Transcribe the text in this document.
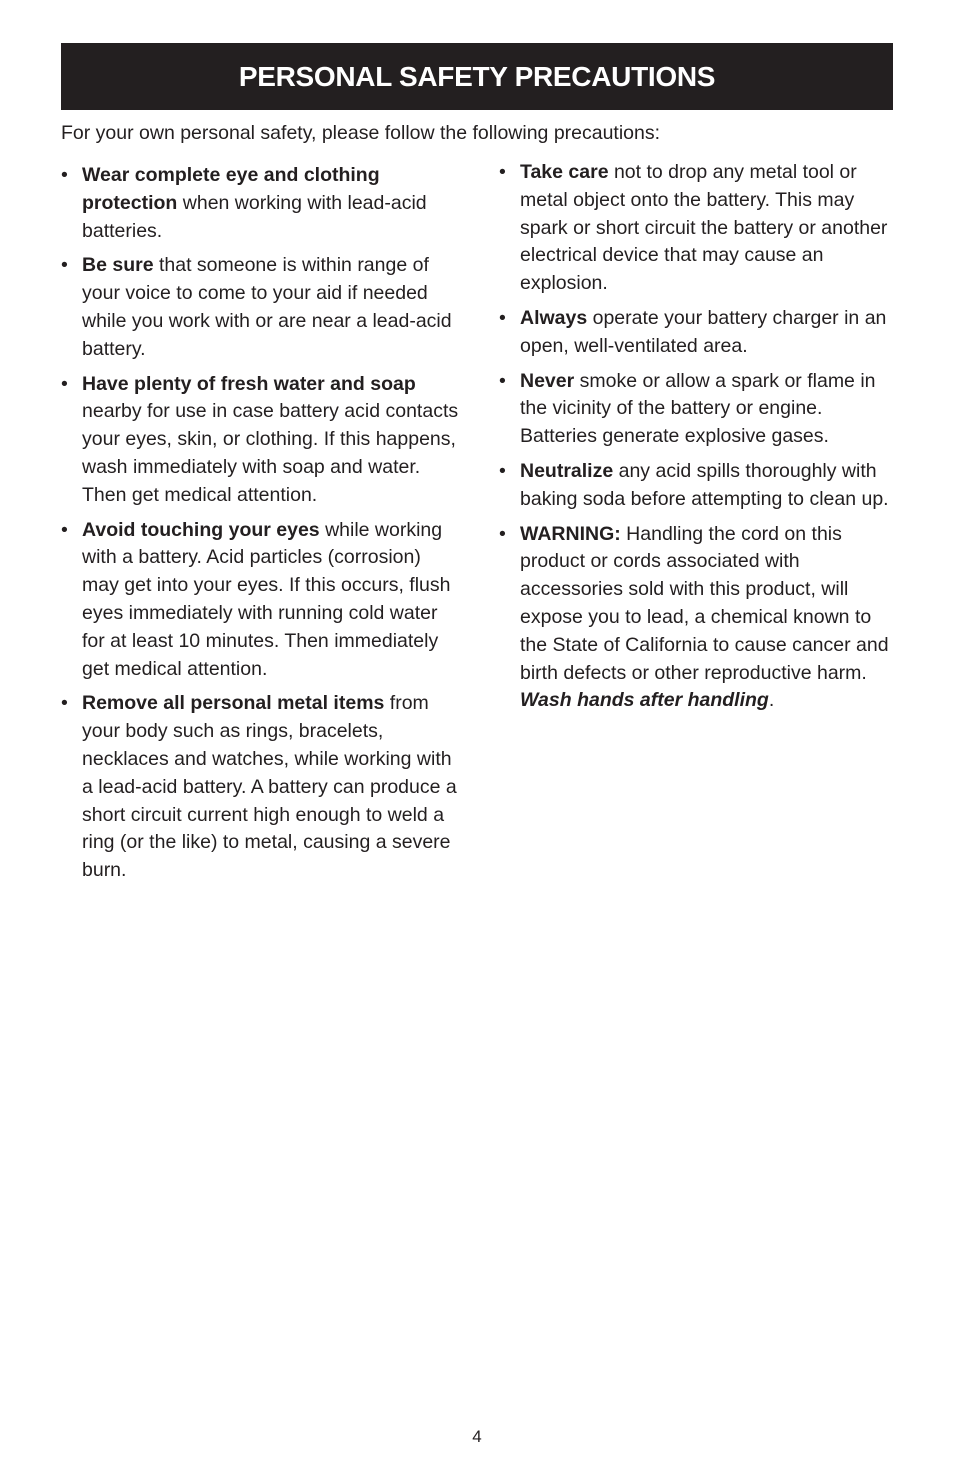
PERSONAL SAFETY PRECAUTIONS

For your own personal safety, please follow the following precautions:

• Wear complete eye and clothing protection when working with lead-acid batteries.
• Be sure that someone is within range of your voice to come to your aid if needed while you work with or are near a lead-acid battery.
• Have plenty of fresh water and soap nearby for use in case battery acid contacts your eyes, skin, or clothing. If this happens, wash immediately with soap and water. Then get medical attention.
• Avoid touching your eyes while working with a battery. Acid particles (corrosion) may get into your eyes. If this occurs, flush eyes immediately with running cold water for at least 10 minutes. Then immediately get medical attention.
• Remove all personal metal items from your body such as rings, bracelets, necklaces and watches, while working with a lead-acid battery. A battery can produce a short circuit current high enough to weld a ring (or the like) to metal, causing a severe burn.
• Take care not to drop any metal tool or metal object onto the battery. This may spark or short circuit the battery or another electrical device that may cause an explosion.
• Always operate your battery charger in an open, well-ventilated area.
• Never smoke or allow a spark or flame in the vicinity of the battery or engine. Batteries generate explosive gases.
• Neutralize any acid spills thoroughly with baking soda before attempting to clean up.
• WARNING: Handling the cord on this product or cords associated with accessories sold with this product, will expose you to lead, a chemical known to the State of California to cause cancer and birth defects or other reproductive harm. Wash hands after handling.
4
